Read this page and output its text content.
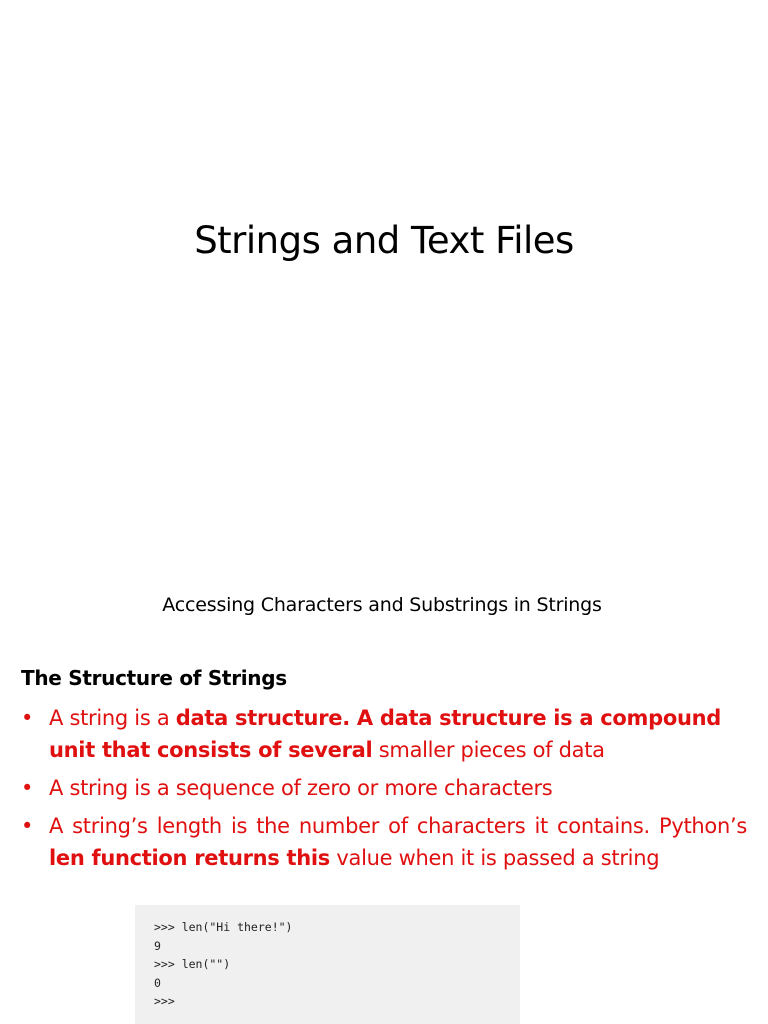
Strings and Text Files
Accessing Characters and Substrings in Strings
The Structure of Strings
• A string is a data structure. A data structure is a compound unit that consists of several smaller pieces of data
• A string is a sequence of zero or more characters
• A string’s length is the number of characters it contains. Python’s len function returns this value when it is passed a string
>>> len("Hi there!")
9
>>> len("")
0
>>>
